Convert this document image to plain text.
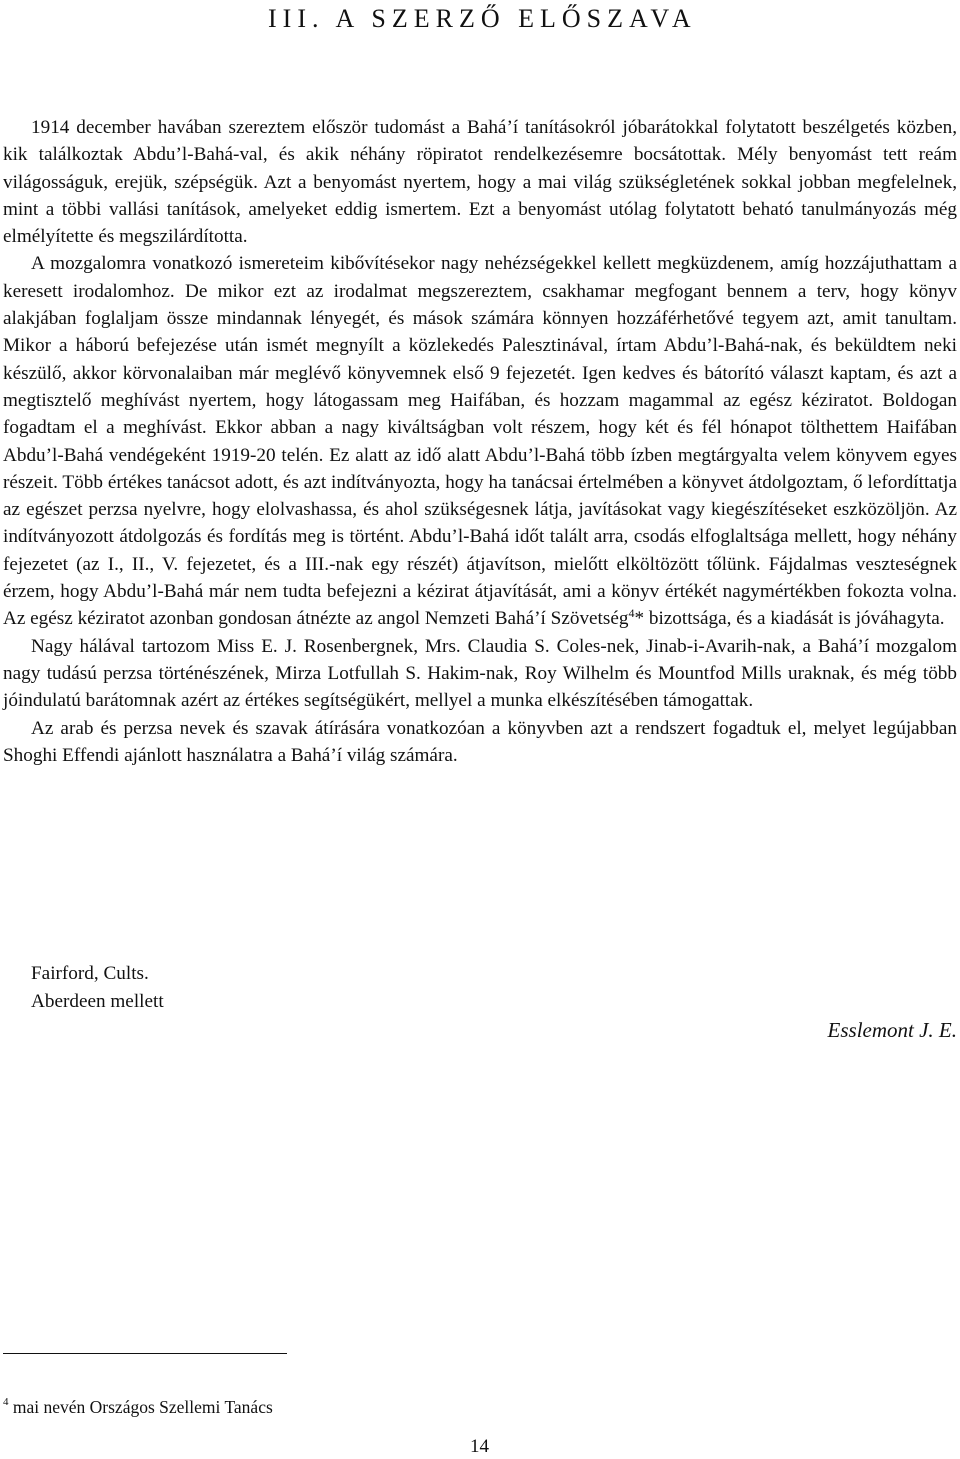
III. A SZERZŐ ELŐSZAVA

1914 december havában szereztem először tudomást a Bahá’í tanításokról jóbarátokkal folytatott beszélgetés közben, kik találkoztak Abdu’l-Bahá-val, és akik néhány röpiratot rendelkezésemre bocsátottak. Mély benyomást tett reám világosságuk, erejük, szépségük. Azt a benyomást nyertem, hogy a mai világ szükségletének sokkal jobban megfelelnek, mint a többi vallási tanítások, amelyeket eddig ismertem. Ezt a benyomást utólag folytatott beható tanulmányozás még elmélyítette és megszilárdította.

A mozgalomra vonatkozó ismereteim kibővítésekor nagy nehézségekkel kellett megküzdenem, amíg hozzájuthattam a keresett irodalomhoz. De mikor ezt az irodalmat megszereztem, csakhamar megfogant bennem a terv, hogy könyv alakjában foglaljam össze mindannak lényegét, és mások számára könnyen hozzáférhetővé tegyem azt, amit tanultam. Mikor a háború befejezése után ismét megnyílt a közlekedés Palesztinával, írtam Abdu’l-Bahá-nak, és beküldtem neki készülő, akkor körvonalaiban már meglévő könyvemnek első 9 fejezetét. Igen kedves és bátorító választ kaptam, és azt a megtisztelő meghívást nyertem, hogy látogassam meg Haifában, és hozzam magammal az egész kéziratot. Boldogan fogadtam el a meghívást. Ekkor abban a nagy kiváltságban volt részem, hogy két és fél hónapot tölthettem Haifában Abdu’l-Bahá vendégeként 1919-20 telén. Ez alatt az idő alatt Abdu’l-Bahá több ízben megtárgyalta velem könyvem egyes részeit. Több értékes tanácsot adott, és azt indítványozta, hogy ha tanácsai értelmében a könyvet átdolgoztam, ő lefordíttatja az egészet perzsa nyelvre, hogy elolvashassa, és ahol szükségesnek látja, javításokat vagy kiegészítéseket eszközöljön. Az indítványozott átdolgozás és fordítás meg is történt. Abdu’l-Bahá időt talált arra, csodás elfoglaltsága mellett, hogy néhány fejezetet (az I., II., V. fejezetet, és a III.-nak egy részét) átjavítson, mielőtt elköltözött tőlünk. Fájdalmas veszteségnek érzem, hogy Abdu’l-Bahá már nem tudta befejezni a kézirat átjavítását, ami a könyv értékét nagymértékben fokozta volna. Az egész kéziratot azonban gondosan átnézte az angol Nemzeti Bahá’í Szövetség$^4$* bizottsága, és a kiadását is jóváhagyta.

Nagy hálával tartozom Miss E. J. Rosenbergnek, Mrs. Claudia S. Coles-nek, Jinab-i-Avarih-nak, a Bahá’í mozgalom nagy tudású perzsa történészének, Mirza Lotfullah S. Hakim-nak, Roy Wilhelm és Mountfod Mills uraknak, és még több jóindulatú barátomnak azért az értékes segítségükért, mellyel a munka elkészítésében támogattak.

Az arab és perzsa nevek és szavak átírására vonatkozóan a könyvben azt a rendszert fogadtuk el, melyet legújabban Shoghi Effendi ajánlott használatra a Bahá’í világ számára.

Fairford, Cults.
Aberdeen mellett
Esslemont J. E.
$^4$ mai nevén Országos Szellemi Tanács
14
